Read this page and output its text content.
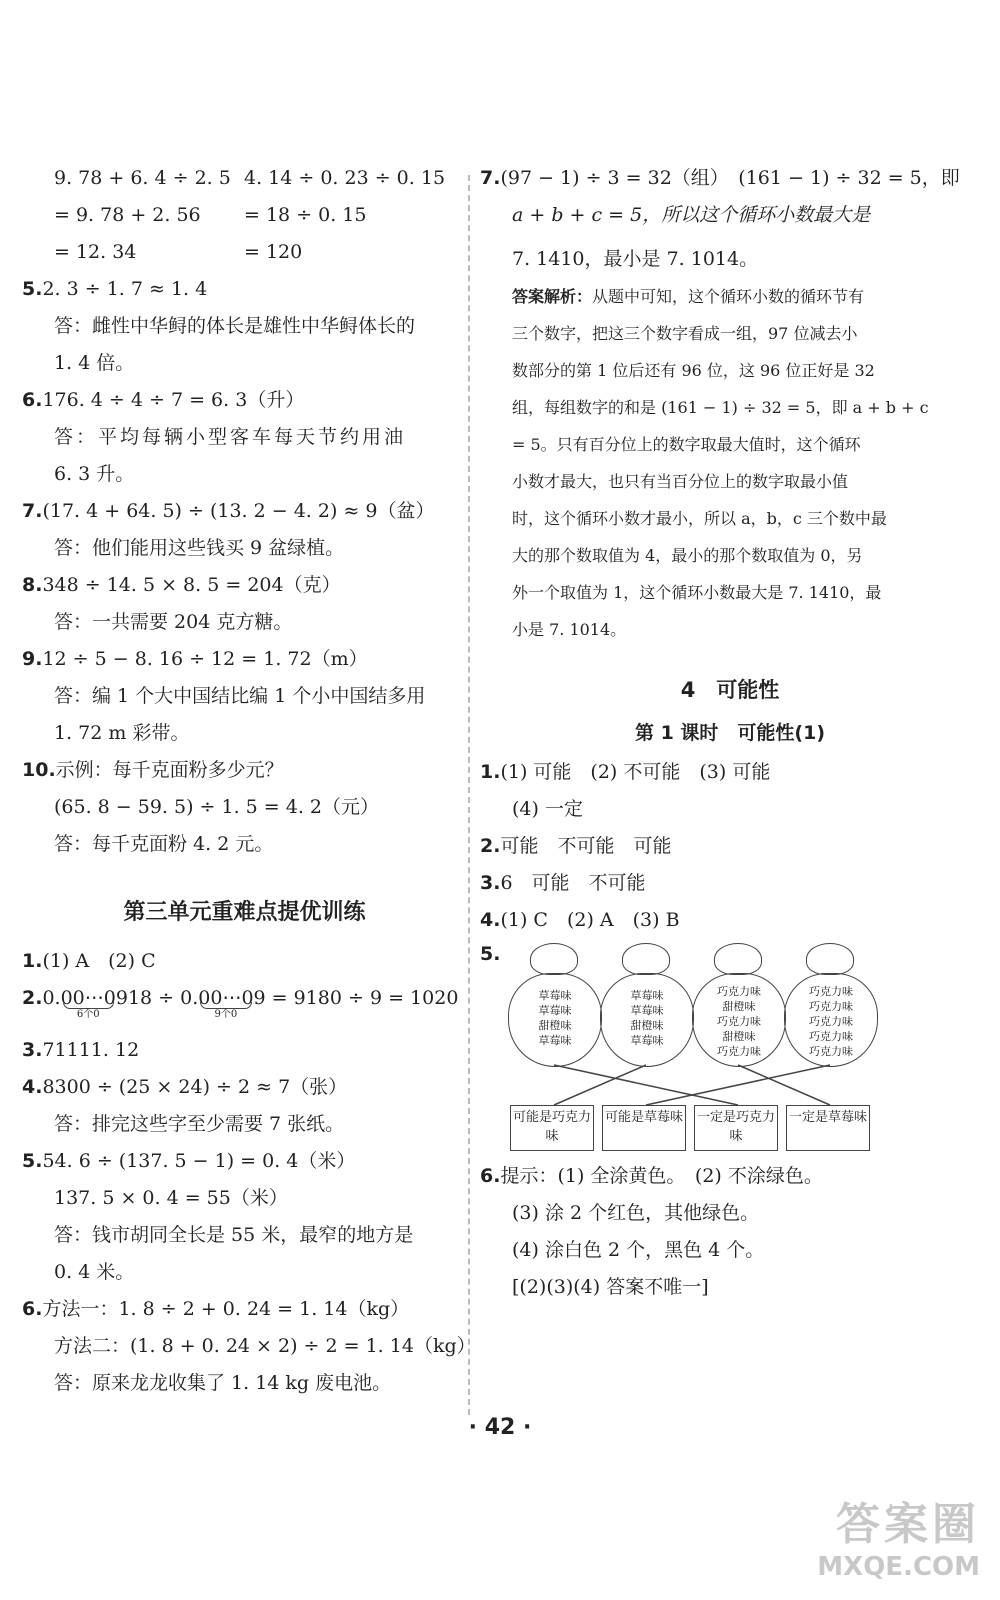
9. 78 + 6. 4 ÷ 2. 5 4. 14 ÷ 0. 23 ÷ 0. 15
= 9. 78 + 2. 56 = 18 ÷ 0. 15
= 12. 34	= 120
5.2. 3 ÷ 1. 7 ≈ 1. 4
答：雌性中华鲟的体长是雄性中华鲟体长的
1. 4 倍。
6.176. 4 ÷ 4 ÷ 7 = 6. 3（升）
答：平均每辆小型客车每天节约用油
6. 3 升。
7.(17. 4 + 64. 5) ÷ (13. 2 − 4. 2) ≈ 9（盆）
答：他们能用这些钱买 9 盆绿植。
8.348 ÷ 14. 5 × 8. 5 = 204（克）
答：一共需要 204 克方糖。
9.12 ÷ 5 − 8. 16 ÷ 12 = 1. 72（m）
答：编 1 个大中国结比编 1 个小中国结多用
1. 72 m 彩带。
10.示例：每千克面粉多少元？
(65. 8 − 59. 5) ÷ 1. 5 = 4. 2（元）
答：每千克面粉 4. 2 元。
第三单元重难点提优训练
1.(1) A　(2) C
2.0.00⋯0
6个0
918 ÷ 0.00⋯0
9个0
9 = 9180 ÷ 9 = 1020
3.71111. 12
4.8300 ÷ (25 × 24) ÷ 2 ≈ 7（张）
答：排完这些字至少需要 7 张纸。
5.54. 6 ÷ (137. 5 − 1) = 0. 4（米）
137. 5 × 0. 4 = 55（米）
答：钱市胡同全长是 55 米，最窄的地方是
0. 4 米。
6.方法一：1. 8 ÷ 2 + 0. 24 = 1. 14（kg）
方法二：(1. 8 + 0. 24 × 2) ÷ 2 = 1. 14（kg）
答：原来龙龙收集了 1. 14 kg 废电池。
7.(97 − 1) ÷ 3 = 32（组）　(161 − 1) ÷ 32 = 5，即
a + b + c = 5，所以这个循环小数最大是
7. 1410，最小是 7. 1014。
答案解析：从题中可知，这个循环小数的循环节有
三个数字，把这三个数字看成一组，97 位减去小
数部分的第 1 位后还有 96 位，这 96 位正好是 32
组，每组数字的和是 (161 − 1) ÷ 32 = 5，即 a + b + c
= 5。只有百分位上的数字取最大值时，这个循环
小数才最大，也只有当百分位上的数字取最小值
时，这个循环小数才最小，所以 a，b，c 三个数中最
大的那个数取值为 4，最小的那个数取值为 0，另
外一个取值为 1，这个循环小数最大是 7. 1410，最
小是 7. 1014。
4　可能性
第 1 课时　可能性(1)
1.(1) 可能　(2) 不可能　(3) 可能
(4) 一定
2.可能　不可能　可能
3.6　可能　不可能
4.(1) C　(2) A　(3) B
5.
草莓味
草莓味
甜橙味
草莓味
草莓味
草莓味
甜橙味
草莓味
巧克力味
甜橙味
巧克力味
甜橙味
巧克力味
巧克力味
巧克力味
巧克力味
巧克力味
巧克力味
可能是巧克力味
可能是草莓味 一定是巧克力味
一定是草莓味
6.提示：(1) 全涂黄色。　(2) 不涂绿色。
(3) 涂 2 个红色，其他绿色。
(4) 涂白色 2 个，黑色 4 个。
[(2)(3)(4) 答案不唯一]
· 42 ·
答案圈
MXQE.COM
